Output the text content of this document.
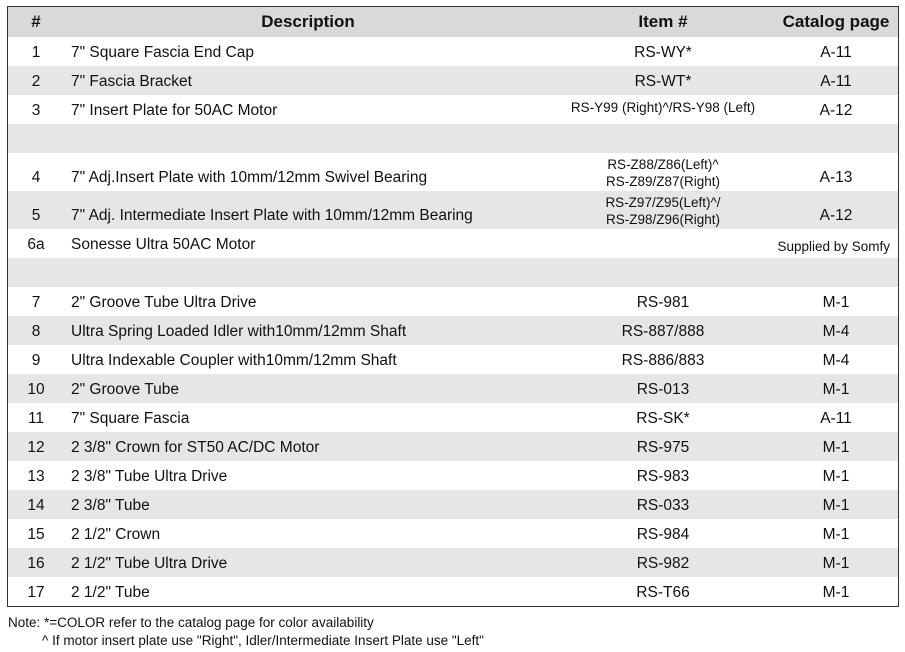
#	Description	Item #	Catalog page
1	7" Square Fascia End Cap	RS-WY*	A-11
2	7" Fascia Bracket	RS-WT*	A-11
3	7" Insert Plate for 50AC Motor	RS-Y99 (Right)^/RS-Y98 (Left)	A-12

4	7" Adj.Insert Plate with 10mm/12mm Swivel Bearing	RS-Z88/Z86(Left)^
RS-Z89/Z87(Right)	A-13
5	7" Adj. Intermediate Insert Plate with 10mm/12mm Bearing	RS-Z97/Z95(Left)^/
RS-Z98/Z96(Right)	A-12
6a	Sonesse Ultra 50AC Motor		Supplied by Somfy

7	2" Groove Tube Ultra Drive	RS-981	M-1
8	Ultra Spring Loaded Idler with10mm/12mm Shaft	RS-887/888	M-4
9	Ultra Indexable Coupler with10mm/12mm Shaft	RS-886/883	M-4
10	2" Groove Tube	RS-013	M-1
11	7" Square Fascia	RS-SK*	A-11
12	2 3/8" Crown for ST50 AC/DC Motor	RS-975	M-1
13	2 3/8" Tube Ultra Drive	RS-983	M-1
14	2 3/8" Tube	RS-033	M-1
15	2 1/2" Crown	RS-984	M-1
16	2 1/2" Tube Ultra Drive	RS-982	M-1
17	2 1/2" Tube	RS-T66	M-1
Note: *=COLOR refer to the catalog page for color availability
^ If motor insert plate use "Right", Idler/Intermediate Insert Plate use "Left"
